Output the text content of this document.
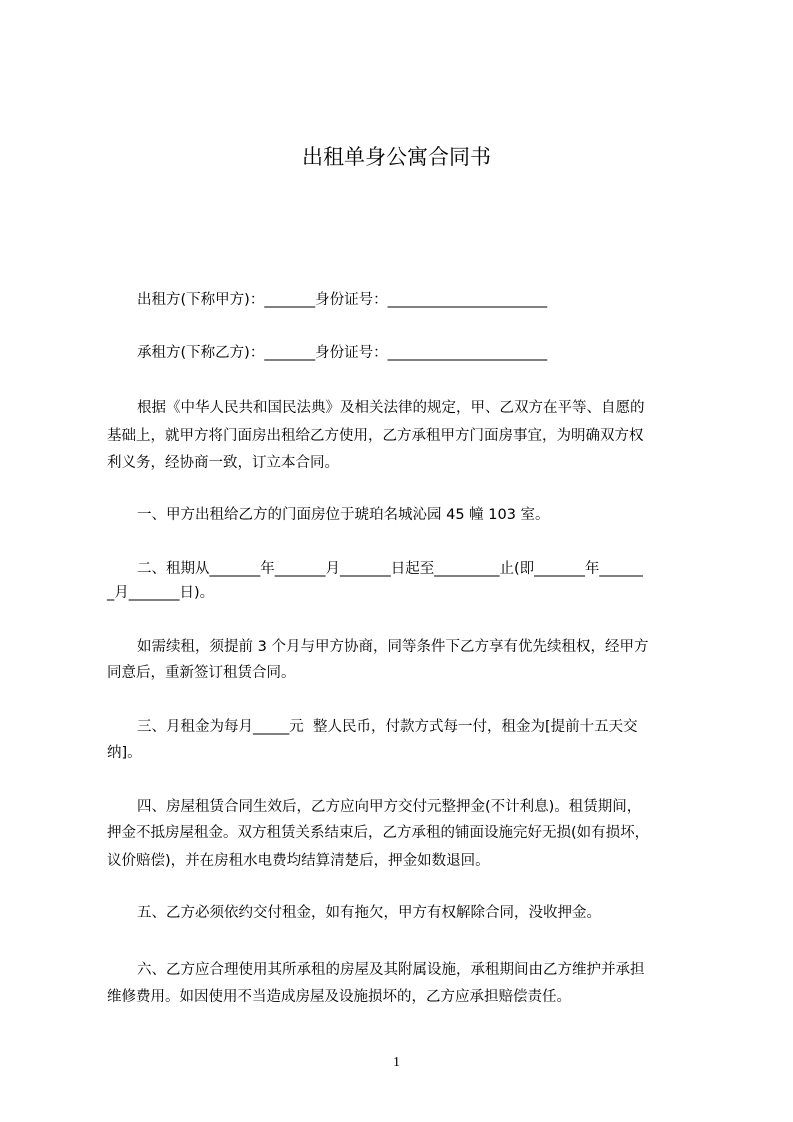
出租单身公寓合同书
出租方(下称甲方)：_______身份证号：______________________
承租方(下称乙方)：_______身份证号：______________________
根据《中华人民共和国民法典》及相关法律的规定，甲、乙双方在平等、自愿的
基础上，就甲方将门面房出租给乙方使用，乙方承租甲方门面房事宜，为明确双方权
利义务，经协商一致，订立本合同。
一、甲方出租给乙方的门面房位于琥珀名城沁园 45 幢 103 室。
二、租期从_______年_______月_______日起至_________止(即_______年______
_月_______日)。
如需续租，须提前 3 个月与甲方协商，同等条件下乙方享有优先续租权，经甲方
同意后，重新签订租赁合同。
三、月租金为每月_____元  整人民币，付款方式每一付，租金为[提前十五天交
纳]。
四、房屋租赁合同生效后，乙方应向甲方交付元整押金(不计利息)。租赁期间，
押金不抵房屋租金。双方租赁关系结束后，乙方承租的铺面设施完好无损(如有损坏，
议价赔偿)，并在房租水电费均结算清楚后，押金如数退回。
五、乙方必须依约交付租金，如有拖欠，甲方有权解除合同，没收押金。
六、乙方应合理使用其所承租的房屋及其附属设施，承租期间由乙方维护并承担
维修费用。如因使用不当造成房屋及设施损坏的，乙方应承担赔偿责任。
1
